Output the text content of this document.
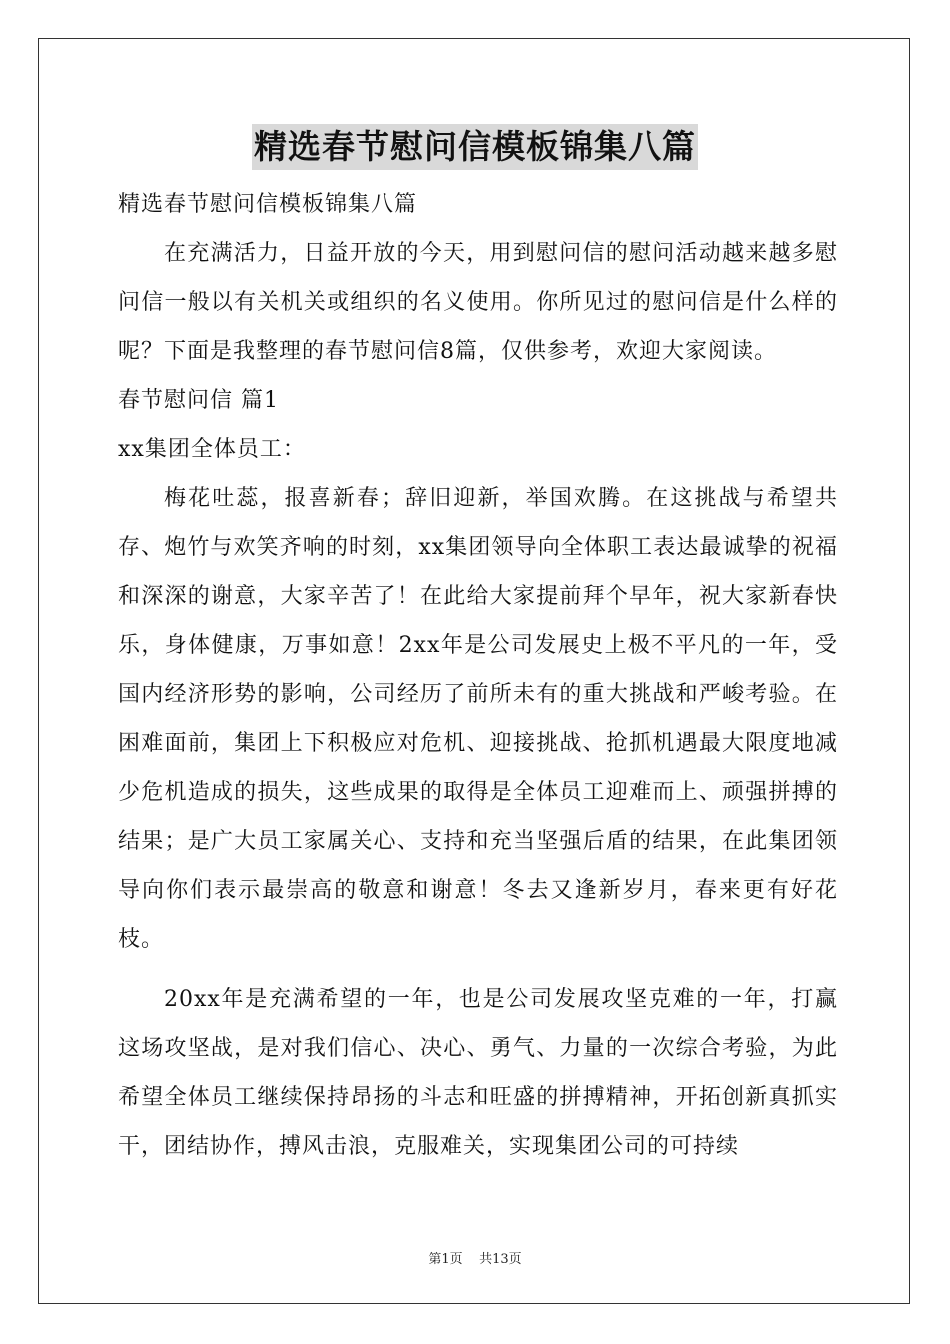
精选春节慰问信模板锦集八篇

精选春节慰问信模板锦集八篇

在充满活力，日益开放的今天，用到慰问信的慰问活动越来越多慰问信一般以有关机关或组织的名义使用。你所见过的慰问信是什么样的呢？下面是我整理的春节慰问信8篇，仅供参考，欢迎大家阅读。

春节慰问信 篇1

xx集团全体员工：

梅花吐蕊，报喜新春；辞旧迎新，举国欢腾。在这挑战与希望共存、炮竹与欢笑齐响的时刻，xx集团领导向全体职工表达最诚挚的祝福和深深的谢意，大家辛苦了！在此给大家提前拜个早年，祝大家新春快乐，身体健康，万事如意！2xx年是公司发展史上极不平凡的一年，受国内经济形势的影响，公司经历了前所未有的重大挑战和严峻考验。在困难面前，集团上下积极应对危机、迎接挑战、抢抓机遇最大限度地减少危机造成的损失，这些成果的取得是全体员工迎难而上、顽强拼搏的结果；是广大员工家属关心、支持和充当坚强后盾的结果，在此集团领导向你们表示最崇高的敬意和谢意！冬去又逢新岁月，春来更有好花枝。

20xx年是充满希望的一年，也是公司发展攻坚克难的一年，打赢这场攻坚战，是对我们信心、决心、勇气、力量的一次综合考验，为此希望全体员工继续保持昂扬的斗志和旺盛的拼搏精神，开拓创新真抓实干，团结协作，搏风击浪，克服难关，实现集团公司的可持续

第1页    共13页
